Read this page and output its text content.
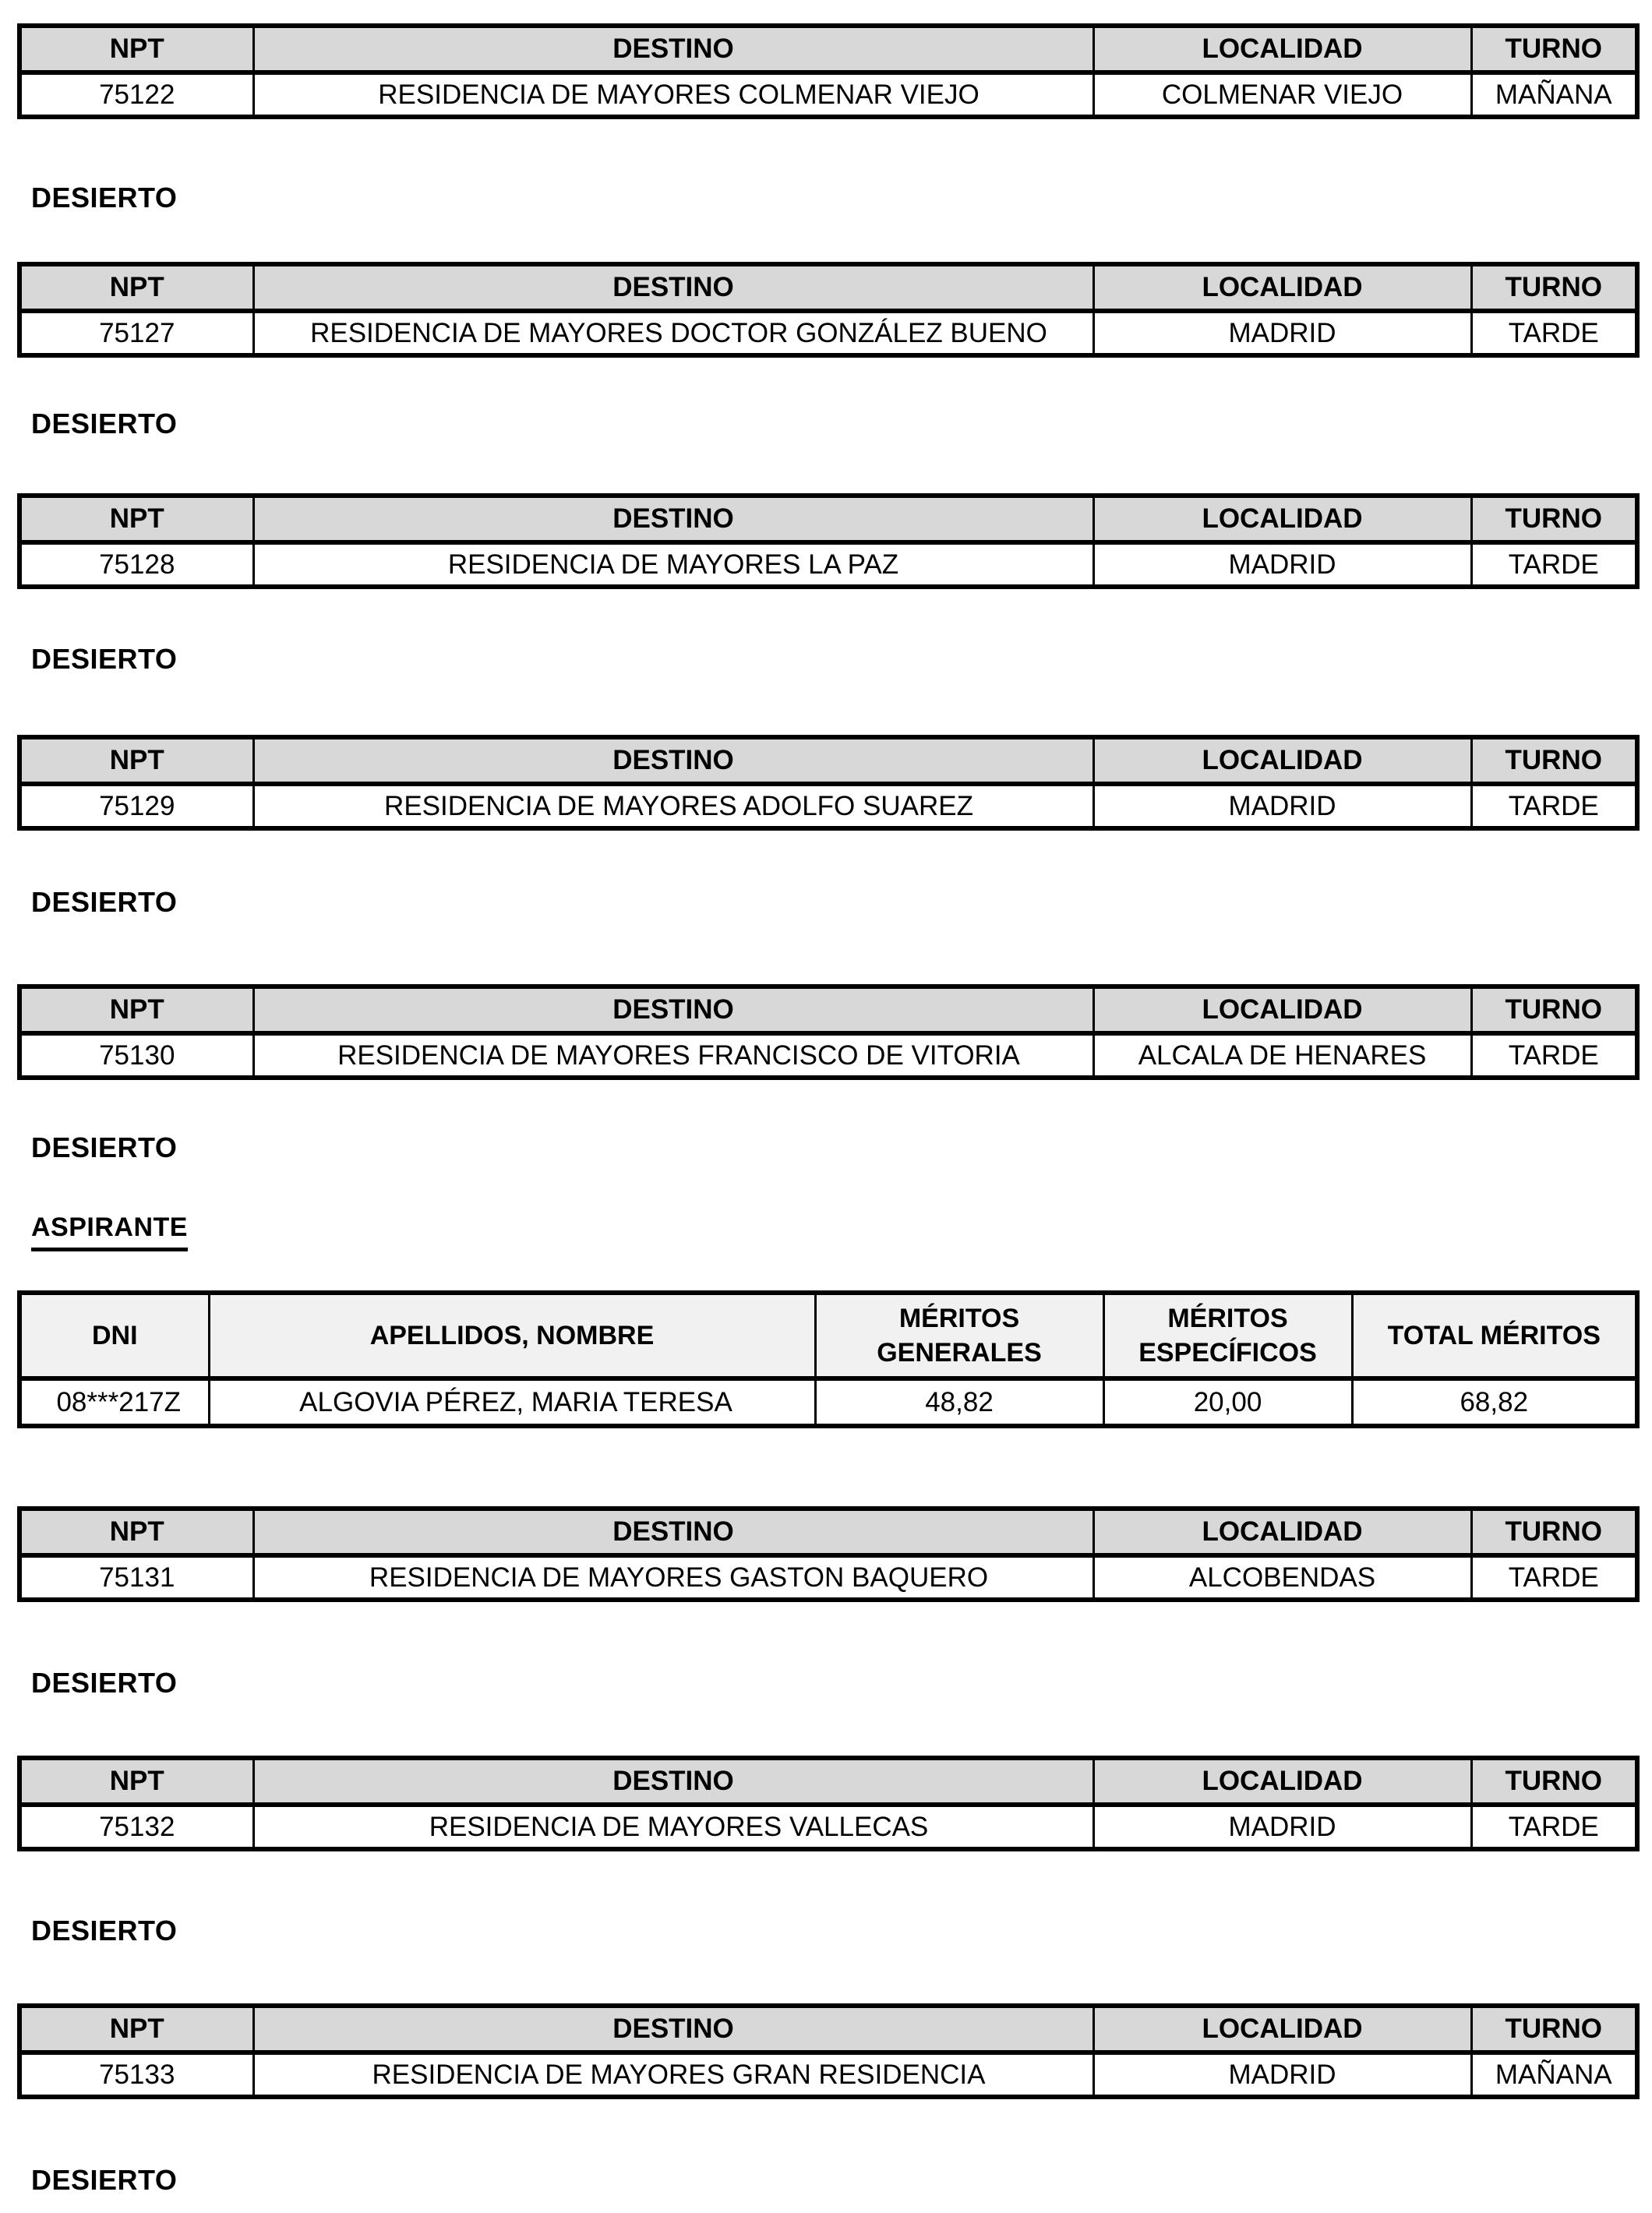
NPT	DESTINO	LOCALIDAD	TURNO
75122	RESIDENCIA DE MAYORES COLMENAR VIEJO	COLMENAR VIEJO	MAÑANA
DESIERTO
NPT	DESTINO	LOCALIDAD	TURNO
75127	RESIDENCIA DE MAYORES DOCTOR GONZÁLEZ BUENO	MADRID	TARDE
DESIERTO
NPT	DESTINO	LOCALIDAD	TURNO
75128	RESIDENCIA DE MAYORES LA PAZ	MADRID	TARDE
DESIERTO
NPT	DESTINO	LOCALIDAD	TURNO
75129	RESIDENCIA DE MAYORES ADOLFO SUAREZ	MADRID	TARDE
DESIERTO
NPT	DESTINO	LOCALIDAD	TURNO
75130	RESIDENCIA DE MAYORES FRANCISCO DE VITORIA	ALCALA DE HENARES	TARDE
DESIERTO
ASPIRANTE
DNI	APELLIDOS, NOMBRE	MÉRITOS GENERALES	MÉRITOS ESPECÍFICOS	TOTAL MÉRITOS
08***217Z	ALGOVIA PÉREZ, MARIA TERESA	48,82	20,00	68,82
NPT	DESTINO	LOCALIDAD	TURNO
75131	RESIDENCIA DE MAYORES GASTON BAQUERO	ALCOBENDAS	TARDE
DESIERTO
NPT	DESTINO	LOCALIDAD	TURNO
75132	RESIDENCIA DE MAYORES VALLECAS	MADRID	TARDE
DESIERTO
NPT	DESTINO	LOCALIDAD	TURNO
75133	RESIDENCIA DE MAYORES GRAN RESIDENCIA	MADRID	MAÑANA
DESIERTO
